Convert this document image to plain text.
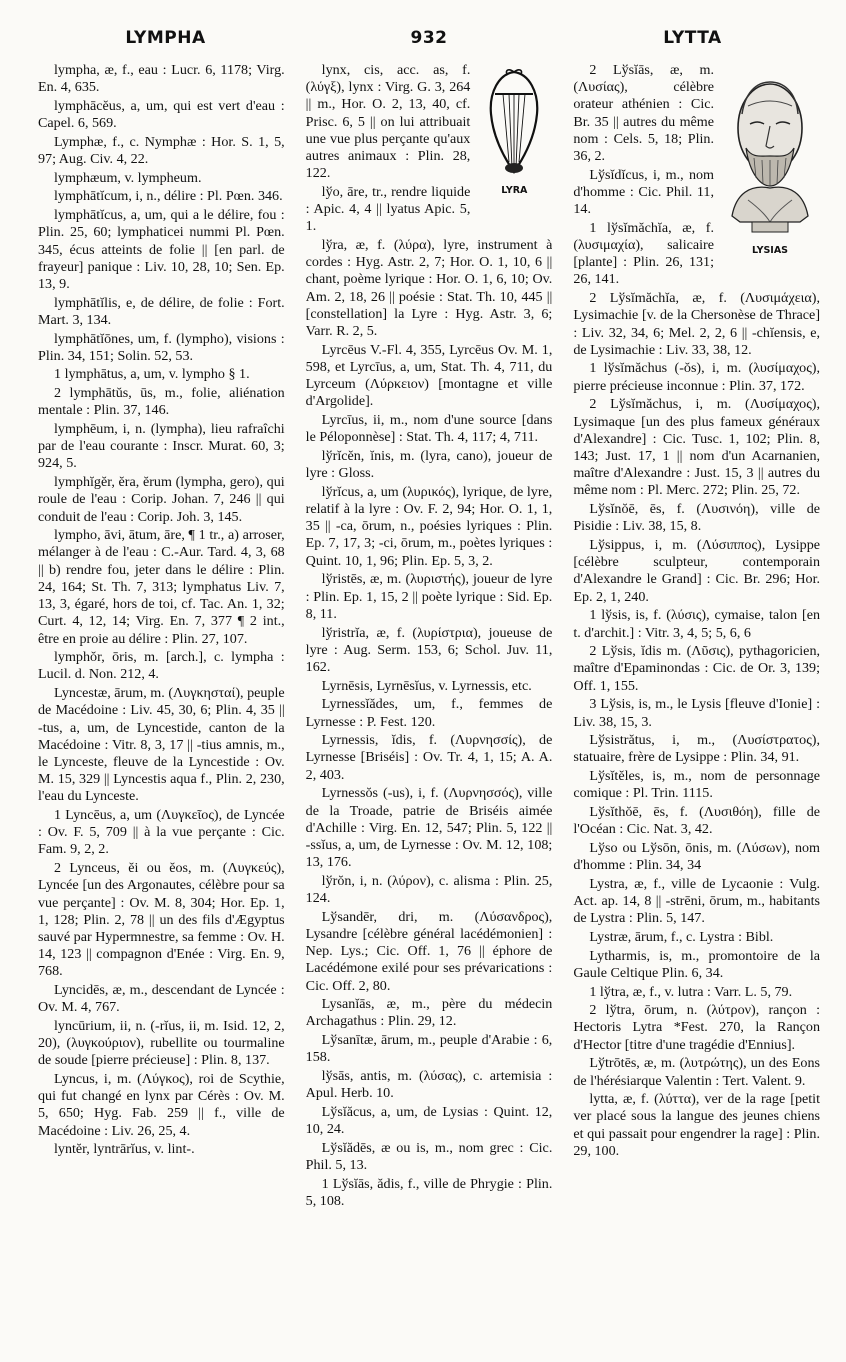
LYMPHA	932	LYTTA

lympha, æ, f., eau : Lucr. 6, 1178; Virg. En. 4, 635.

lymphācĕus, a, um, qui est vert d'eau : Capel. 6, 569.

Lymphæ, f., c. Nymphæ : Hor. S. 1, 5, 97; Aug. Civ. 4, 22.

lymphæum, v. lympheum.

lymphātĭcum, i, n., délire : Pl. Pœn. 346.

lymphātĭcus, a, um, qui a le délire, fou : Plin. 25, 60; lymphaticei nummi Pl. Pœn. 345, écus atteints de folie || [en parl. de frayeur] panique : Liv. 10, 28, 10; Sen. Ep. 13, 9.

lymphātĭlis, e, de délire, de folie : Fort. Mart. 3, 134.

lymphātĭōnes, um, f. (lympho), visions : Plin. 34, 151; Solin. 52, 53.

1 lymphātus, a, um, v. lympho § 1.

2 lymphātŭs, ūs, m., folie, aliénation mentale : Plin. 37, 146.

lymphēum, i, n. (lympha), lieu rafraîchi par de l'eau courante : Inscr. Murat. 60, 3; 924, 5.

lymphĭgĕr, ĕra, ĕrum (lympha, gero), qui roule de l'eau : Corip. Johan. 7, 246 || qui conduit de l'eau : Corip. Joh. 3, 145.

lympho, āvi, ātum, āre, ¶ 1 tr., a) arroser, mélanger à de l'eau : C.-Aur. Tard. 4, 3, 68 || b) rendre fou, jeter dans le délire : Plin. 24, 164; St. Th. 7, 313; lymphatus Liv. 7, 13, 3, égaré, hors de toi, cf. Tac. An. 1, 32; Curt. 4, 12, 14; Virg. En. 7, 377 ¶ 2 int., être en proie au délire : Plin. 27, 107.

lymphŏr, ōris, m. [arch.], c. lympha : Lucil. d. Non. 212, 4.

Lyncestæ, ārum, m. (Λυγκησταί), peuple de Macédoine : Liv. 45, 30, 6; Plin. 4, 35 || -tus, a, um, de Lyncestide, canton de la Macédoine : Vitr. 8, 3, 17 || -tius amnis, m., le Lynceste, fleuve de la Lyncestide : Ov. M. 15, 329 || Lyncestis aqua f., Plin. 2, 230, l'eau du Lynceste.

1 Lyncēus, a, um (Λυγκεῖος), de Lyncée : Ov. F. 5, 709 || à la vue perçante : Cic. Fam. 9, 2, 2.

2 Lynceus, ĕi ou ĕos, m. (Λυγκεύς), Lyncée [un des Argonautes, célèbre pour sa vue perçante] : Ov. M. 8, 304; Hor. Ep. 1, 1, 128; Plin. 2, 78 || un des fils d'Ægyptus sauvé par Hypermnestre, sa femme : Ov. H. 14, 123 || compagnon d'Enée : Virg. En. 9, 768.

Lyncidēs, æ, m., descendant de Lyncée : Ov. M. 4, 767.

lyncūrium, ii, n. (-rĭus, ii, m. Isid. 12, 2, 20), (λυγκούριον), rubellite ou tourmaline de soude [pierre précieuse] : Plin. 8, 137.

Lyncus, i, m. (Λύγκος), roi de Scythie, qui fut changé en lynx par Cérès : Ov. M. 5, 650; Hyg. Fab. 259 || f., ville de Macédoine : Liv. 26, 25, 4.

lyntĕr, lyntrārĭus, v. lint-.

LYRA

lynx, cis, acc. as, f. (λύγξ), lynx : Virg. G. 3, 264 || m., Hor. O. 2, 13, 40, cf. Prisc. 6, 5 || on lui attribuait une vue plus perçante qu'aux autres animaux : Plin. 28, 122.

lўo, āre, tr., rendre liquide : Apic. 4, 4 || lyatus Apic. 5, 1.

lўra, æ, f. (λύρα), lyre, instrument à cordes : Hyg. Astr. 2, 7; Hor. O. 1, 10, 6 || chant, poème lyrique : Hor. O. 1, 6, 10; Ov. Am. 2, 18, 26 || poésie : Stat. Th. 10, 445 || [constellation] la Lyre : Hyg. Astr. 3, 6; Varr. R. 2, 5.

Lyrcēus V.-Fl. 4, 355, Lyrcēus Ov. M. 1, 598, et Lyrcīus, a, um, Stat. Th. 4, 711, du Lyrceum (Λύρκειον) [montagne et ville d'Argolide].

Lyrcīus, ii, m., nom d'une source [dans le Péloponnèse] : Stat. Th. 4, 117; 4, 711.

lўrĭcĕn, ĭnis, m. (lyra, cano), joueur de lyre : Gloss.

lўrĭcus, a, um (λυρικός), lyrique, de lyre, relatif à la lyre : Ov. F. 2, 94; Hor. O. 1, 1, 35 || -ca, ōrum, n., poésies lyriques : Plin. Ep. 7, 17, 3; -ci, ōrum, m., poètes lyriques : Quint. 10, 1, 96; Plin. Ep. 5, 3, 2.

lўristēs, æ, m. (λυριστής), joueur de lyre : Plin. Ep. 1, 15, 2 || poète lyrique : Sid. Ep. 8, 11.

lўristrĭa, æ, f. (λυρίστρια), joueuse de lyre : Aug. Serm. 153, 6; Schol. Juv. 11, 162.

Lyrnēsis, Lyrnēsĭus, v. Lyrnessis, etc.

Lyrnessĭădes, um, f., femmes de Lyrnesse : P. Fest. 120.

Lyrnessis, ĭdis, f. (Λυρνησσίς), de Lyrnesse [Briséis] : Ov. Tr. 4, 1, 15; A. A. 2, 403.

Lyrnessŏs (-us), i, f. (Λυρνησσός), ville de la Troade, patrie de Briséis aimée d'Achille : Virg. En. 12, 547; Plin. 5, 122 || -ssĭus, a, um, de Lyrnesse : Ov. M. 12, 108; 13, 176.

lўrŏn, i, n. (λύρον), c. alisma : Plin. 25, 124.

Lўsandēr, dri, m. (Λύσανδρος), Lysandre [célèbre général lacédémonien] : Nep. Lys.; Cic. Off. 1, 76 || éphore de Lacédémone exilé pour ses prévarications : Cic. Off. 2, 80.

Lysanĭās, æ, m., père du médecin Archagathus : Plin. 29, 12.

Lўsanītæ, ārum, m., peuple d'Arabie : 6, 158.

lўsās, antis, m. (λύσας), c. artemisia : Apul. Herb. 10.

Lўsĭăcus, a, um, de Lysias : Quint. 12, 10, 24.

Lўsĭădēs, æ ou is, m., nom grec : Cic. Phil. 5, 13.

1 Lўsĭās, ădis, f., ville de Phrygie : Plin. 5, 108.

LYSIAS

2 Lўsĭās, æ, m. (Λυσίας), célèbre orateur athénien : Cic. Br. 35 || autres du même nom : Cels. 5, 18; Plin. 36, 2.

Lўsĭdĭcus, i, m., nom d'homme : Cic. Phil. 11, 14.

1 lўsĭmăchĭa, æ, f. (λυσιμαχία), salicaire [plante] : Plin. 26, 131; 26, 141.

2 Lўsĭmăchĭa, æ, f. (Λυσιμάχεια), Lysimachie [v. de la Chersonèse de Thrace] : Liv. 32, 34, 6; Mel. 2, 2, 6 || -chĭensis, e, de Lysimachie : Liv. 33, 38, 12.

1 lўsĭmăchus (-ŏs), i, m. (λυσίμαχος), pierre précieuse inconnue : Plin. 37, 172.

2 Lўsĭmăchus, i, m. (Λυσίμαχος), Lysimaque [un des plus fameux généraux d'Alexandre] : Cic. Tusc. 1, 102; Plin. 8, 143; Just. 17, 1 || nom d'un Acarnanien, maître d'Alexandre : Just. 15, 3 || autres du même nom : Pl. Merc. 272; Plin. 25, 72.

Lўsĭnŏē, ēs, f. (Λυσινόη), ville de Pisidie : Liv. 38, 15, 8.

Lўsippus, i, m. (Λύσιππος), Lysippe [célèbre sculpteur, contemporain d'Alexandre le Grand] : Cic. Br. 296; Hor. Ep. 2, 1, 240.

1 lўsis, is, f. (λύσις), cymaise, talon [en t. d'archit.] : Vitr. 3, 4, 5; 5, 6, 6

2 Lўsis, ĭdis m. (Λῦσις), pythagoricien, maître d'Epaminondas : Cic. de Or. 3, 139; Off. 1, 155.

3 Lўsis, is, m., le Lysis [fleuve d'Ionie] : Liv. 38, 15, 3.

Lўsistrătus, i, m., (Λυσίστρατος), statuaire, frère de Lysippe : Plin. 34, 91.

Lўsĭtĕles, is, m., nom de personnage comique : Pl. Trin. 1115.

Lўsĭthŏē, ēs, f. (Λυσιθόη), fille de l'Océan : Cic. Nat. 3, 42.

Lўso ou Lўsōn, ōnis, m. (Λύσων), nom d'homme : Plin. 34, 34

Lystra, æ, f., ville de Lycaonie : Vulg. Act. ap. 14, 8 || -strēni, ōrum, m., habitants de Lystra : Plin. 5, 147.

Lystræ, ārum, f., c. Lystra : Bibl.

Lytharmis, is, m., promontoire de la Gaule Celtique Plin. 6, 34.

1 lўtra, æ, f., v. lutra : Varr. L. 5, 79.

2 lўtra, ōrum, n. (λύτρον), rançon : Hectoris Lytra *Fest. 270, la Rançon d'Hector [titre d'une tragédie d'Ennius].

Lўtrōtēs, æ, m. (λυτρώτης), un des Eons de l'hérésiarque Valentin : Tert. Valent. 9.

lytta, æ, f. (λύττα), ver de la rage [petit ver placé sous la langue des jeunes chiens et qui passait pour engendrer la rage] : Plin. 29, 100.
